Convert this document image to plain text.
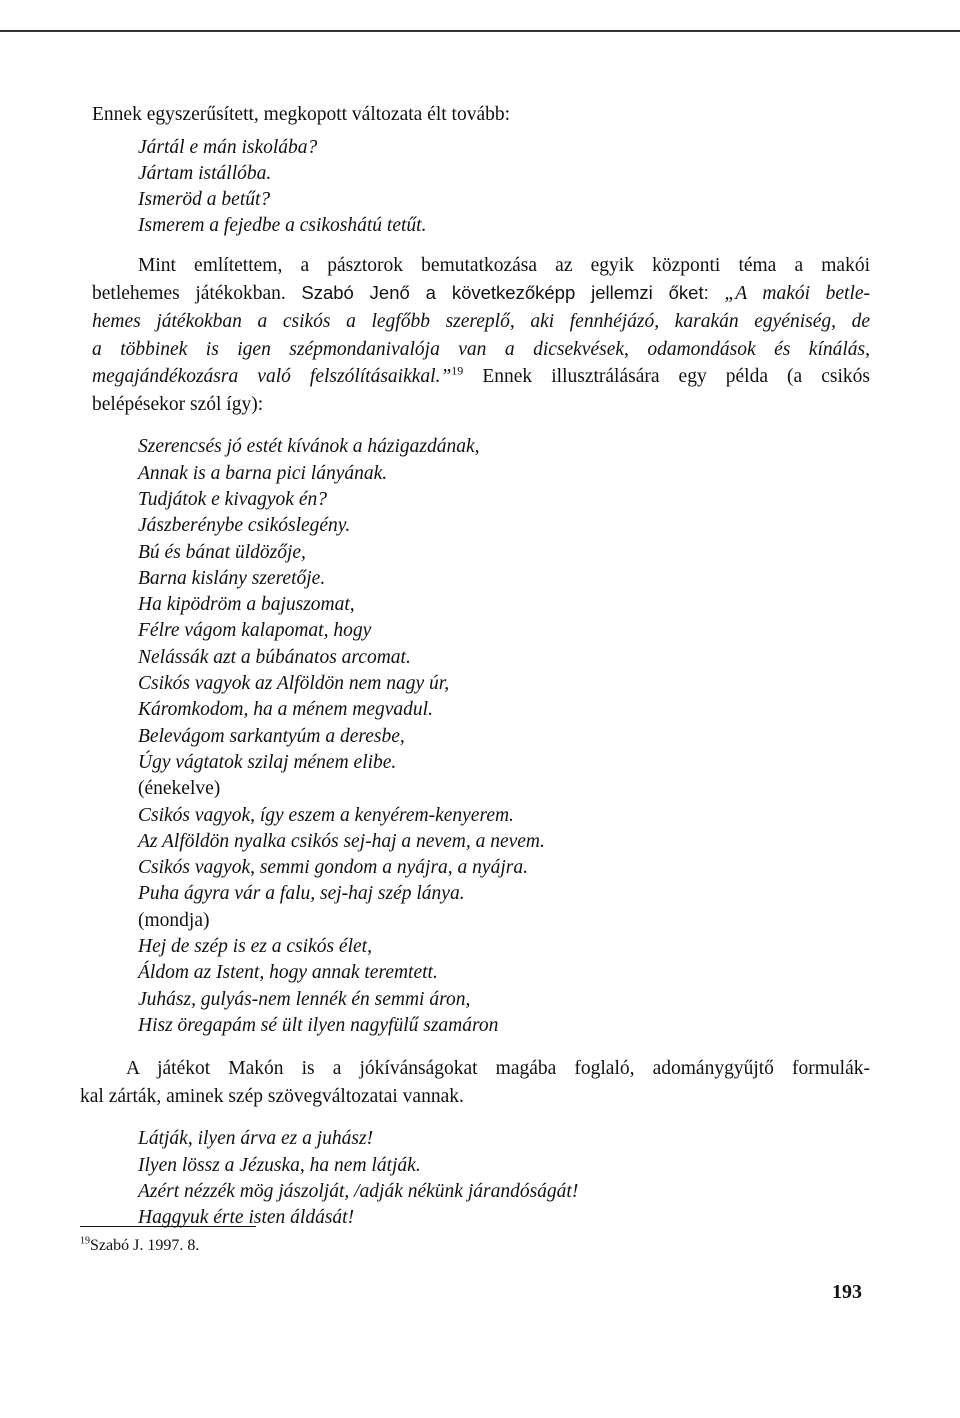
Ennek egyszerűsített, megkopott változata élt tovább:

Jártál e mán iskolába?
Jártam istállóba.
Ismeröd a betűt?
Ismerem a fejedbe a csikoshátú tetűt.

Mint említettem, a pásztorok bemutatkozása az egyik központi téma a makói
betlehemes játékokban. Szabó Jenő a következőképp jellemzi őket: „A makói betle-
hemes játékokban a csikós a legfőbb szereplő, aki fennhéjázó, karakán egyéniség, de
a többinek is igen szépmondanivalója van a dicsekvések, odamondások és kínálás,
megajándékozásra való felszólításaikkal.”$^{19}$ Ennek illusztrálására egy példa (a csikós
belépésekor szól így):

Szerencsés jó estét kívánok a házigazdának,
Annak is a barna pici lányának.
Tudjátok e kivagyok én?
Jászberénybe csikóslegény.
Bú és bánat üldözője,
Barna kislány szeretője.
Ha kipödröm a bajuszomat,
Félre vágom kalapomat, hogy
Nelássák azt a búbánatos arcomat.
Csikós vagyok az Alföldön nem nagy úr,
Káromkodom, ha a ménem megvadul.
Belevágom sarkantyúm a deresbe,
Úgy vágtatok szilaj ménem elibe.
(énekelve)
Csikós vagyok, így eszem a kenyérem-kenyerem.
Az Alföldön nyalka csikós sej-haj a nevem, a nevem.
Csikós vagyok, semmi gondom a nyájra, a nyájra.
Puha ágyra vár a falu, sej-haj szép lánya.
(mondja)
Hej de szép is ez a csikós élet,
Áldom az Istent, hogy annak teremtett.
Juhász, gulyás-nem lennék én semmi áron,
Hisz öregapám sé ült ilyen nagyfülű szamáron

A játékot Makón is a jókívánságokat magába foglaló, adománygyűjtő formulák-
kal zárták, aminek szép szövegváltozatai vannak.

Látják, ilyen árva ez a juhász!
Ilyen lössz a Jézuska, ha nem látják.
Azért nézzék mög jászolját, /adják nékünk járandóságát!
Haggyuk érte isten áldását!
$^{19}$Szabó J. 1997. 8.
193
